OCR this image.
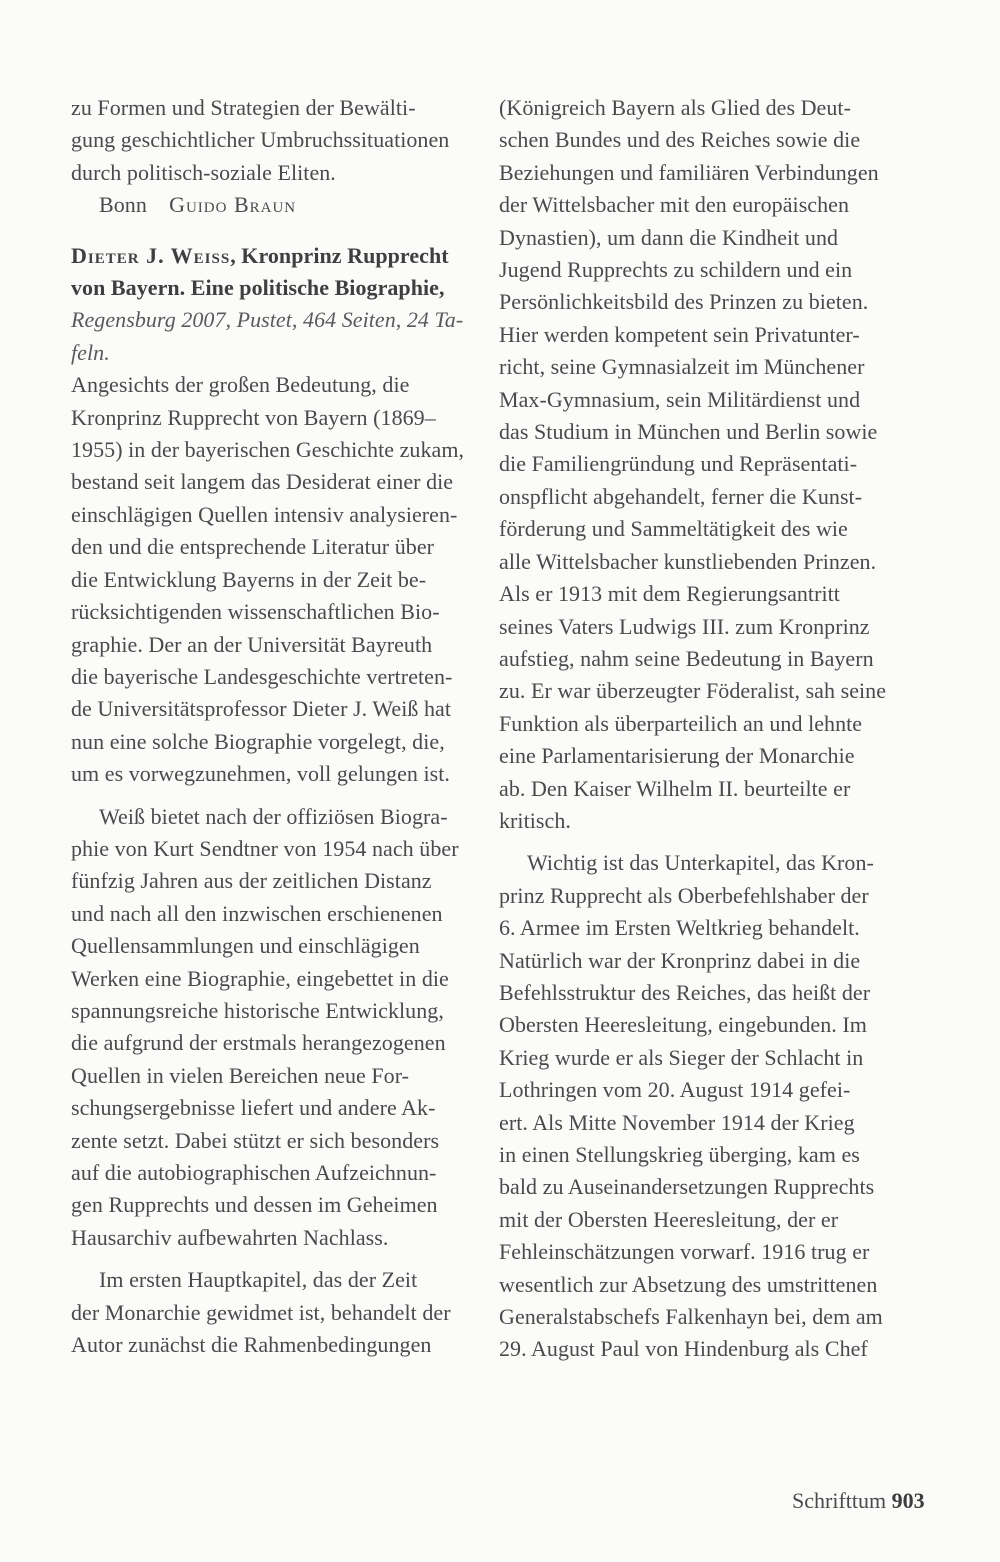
zu Formen und Strategien der Bewälti-
gung geschichtlicher Umbruchssituationen
durch politisch-soziale Eliten.
Bonn Guido Braun
Dieter J. Weiss, Kronprinz Rupprecht
von Bayern. Eine politische Biographie,
Regensburg 2007, Pustet, 464 Seiten, 24 Ta-
feln.
Angesichts der großen Bedeutung, die
Kronprinz Rupprecht von Bayern (1869–
1955) in der bayerischen Geschichte zukam,
bestand seit langem das Desiderat einer die
einschlägigen Quellen intensiv analysieren-
den und die entsprechende Literatur über
die Entwicklung Bayerns in der Zeit be-
rücksichtigenden wissenschaftlichen Bio-
graphie. Der an der Universität Bayreuth
die bayerische Landesgeschichte vertreten-
de Universitätsprofessor Dieter J. Weiß hat
nun eine solche Biographie vorgelegt, die,
um es vorwegzunehmen, voll gelungen ist.
Weiß bietet nach der offiziösen Biogra-
phie von Kurt Sendtner von 1954 nach über
fünfzig Jahren aus der zeitlichen Distanz
und nach all den inzwischen erschienenen
Quellensammlungen und einschlägigen
Werken eine Biographie, eingebettet in die
spannungsreiche historische Entwicklung,
die aufgrund der erstmals herangezogenen
Quellen in vielen Bereichen neue For-
schungsergebnisse liefert und andere Ak-
zente setzt. Dabei stützt er sich besonders
auf die autobiographischen Aufzeichnun-
gen Rupprechts und dessen im Geheimen
Hausarchiv aufbewahrten Nachlass.
Im ersten Hauptkapitel, das der Zeit
der Monarchie gewidmet ist, behandelt der
Autor zunächst die Rahmenbedingungen
(Königreich Bayern als Glied des Deut-
schen Bundes und des Reiches sowie die
Beziehungen und familiären Verbindungen
der Wittelsbacher mit den europäischen
Dynastien), um dann die Kindheit und
Jugend Rupprechts zu schildern und ein
Persönlichkeitsbild des Prinzen zu bieten.
Hier werden kompetent sein Privatunter-
richt, seine Gymnasialzeit im Münchener
Max-Gymnasium, sein Militärdienst und
das Studium in München und Berlin sowie
die Familiengründung und Repräsentati-
onspflicht abgehandelt, ferner die Kunst-
förderung und Sammeltätigkeit des wie
alle Wittelsbacher kunstliebenden Prinzen.
Als er 1913 mit dem Regierungsantritt
seines Vaters Ludwigs III. zum Kronprinz
aufstieg, nahm seine Bedeutung in Bayern
zu. Er war überzeugter Föderalist, sah seine
Funktion als überparteilich an und lehnte
eine Parlamentarisierung der Monarchie
ab. Den Kaiser Wilhelm II. beurteilte er
kritisch.
Wichtig ist das Unterkapitel, das Kron-
prinz Rupprecht als Oberbefehlshaber der
6. Armee im Ersten Weltkrieg behandelt.
Natürlich war der Kronprinz dabei in die
Befehlsstruktur des Reiches, das heißt der
Obersten Heeresleitung, eingebunden. Im
Krieg wurde er als Sieger der Schlacht in
Lothringen vom 20. August 1914 gefei-
ert. Als Mitte November 1914 der Krieg
in einen Stellungskrieg überging, kam es
bald zu Auseinandersetzungen Rupprechts
mit der Obersten Heeresleitung, der er
Fehleinschätzungen vorwarf. 1916 trug er
wesentlich zur Absetzung des umstrittenen
Generalstabschefs Falkenhayn bei, dem am
29. August Paul von Hindenburg als Chef
Schrifttum 903
